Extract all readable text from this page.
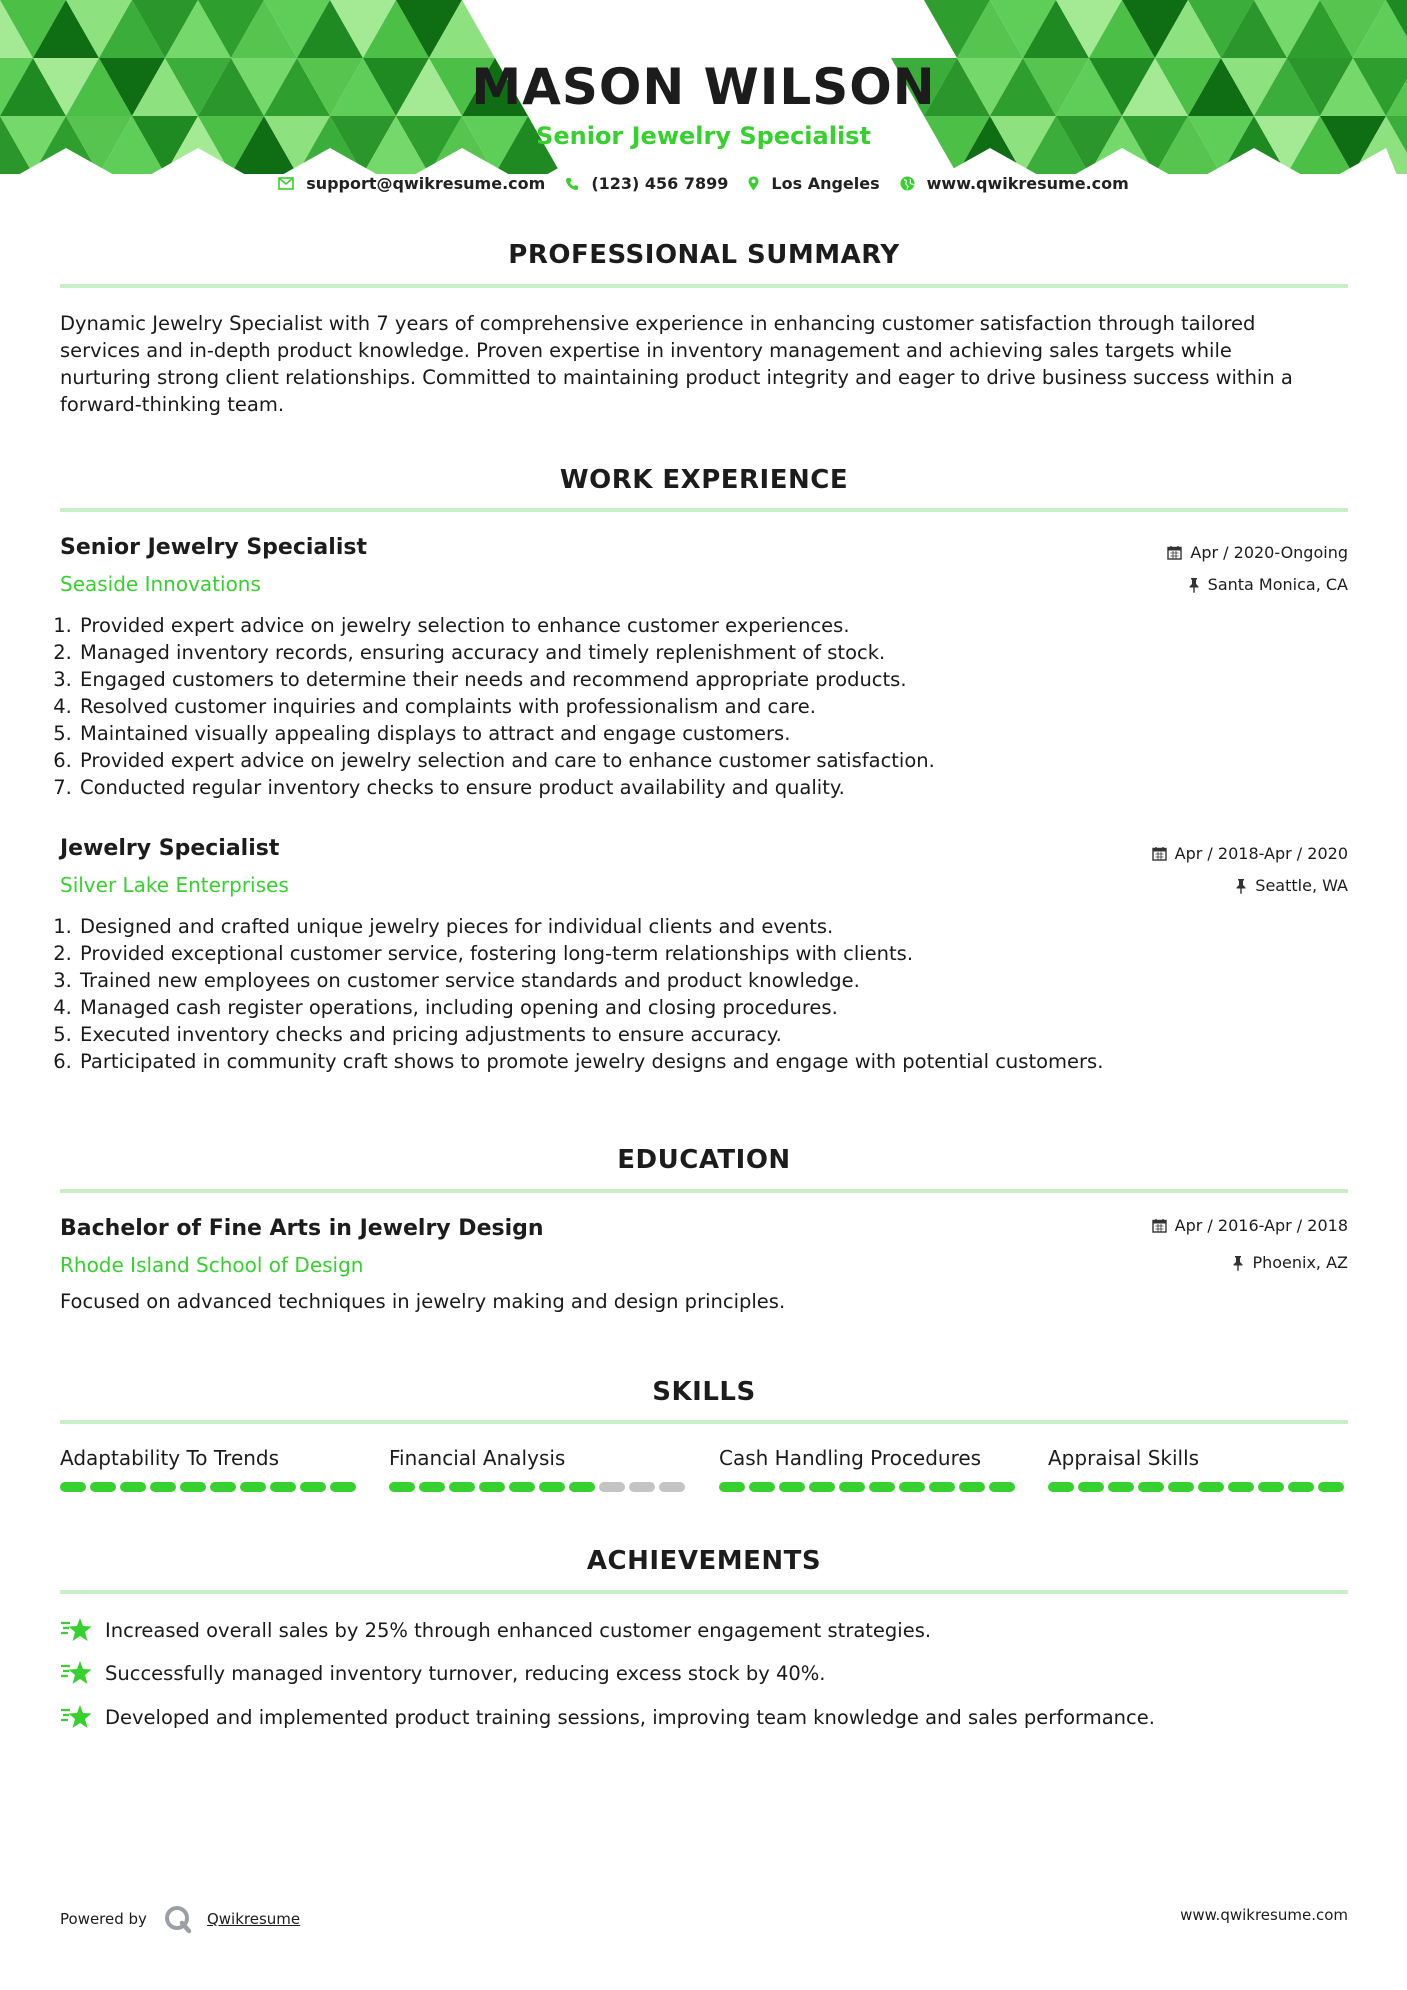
MASON WILSON
Senior Jewelry Specialist
support@qwikresume.com	(123) 456 7899	Los Angeles	www.qwikresume.com
PROFESSIONAL SUMMARY
Dynamic Jewelry Specialist with 7 years of comprehensive experience in enhancing customer satisfaction through tailored
services and in-depth product knowledge. Proven expertise in inventory management and achieving sales targets while
nurturing strong client relationships. Committed to maintaining product integrity and eager to drive business success within a
forward-thinking team.
WORK EXPERIENCE
Senior Jewelry Specialist
Seaside Innovations
Apr / 2020-Ongoing
Santa Monica, CA
1. Provided expert advice on jewelry selection to enhance customer experiences.
2. Managed inventory records, ensuring accuracy and timely replenishment of stock.
3. Engaged customers to determine their needs and recommend appropriate products.
4. Resolved customer inquiries and complaints with professionalism and care.
5. Maintained visually appealing displays to attract and engage customers.
6. Provided expert advice on jewelry selection and care to enhance customer satisfaction.
7. Conducted regular inventory checks to ensure product availability and quality.
Jewelry Specialist
Silver Lake Enterprises
Apr / 2018-Apr / 2020
Seattle, WA
1. Designed and crafted unique jewelry pieces for individual clients and events.
2. Provided exceptional customer service, fostering long-term relationships with clients.
3. Trained new employees on customer service standards and product knowledge.
4. Managed cash register operations, including opening and closing procedures.
5. Executed inventory checks and pricing adjustments to ensure accuracy.
6. Participated in community craft shows to promote jewelry designs and engage with potential customers.
EDUCATION
Bachelor of Fine Arts in Jewelry Design
Rhode Island School of Design
Apr / 2016-Apr / 2018
Phoenix, AZ
Focused on advanced techniques in jewelry making and design principles.
SKILLS
Adaptability To Trends	Financial Analysis	Cash Handling Procedures	Appraisal Skills
ACHIEVEMENTS
Increased overall sales by 25% through enhanced customer engagement strategies.
Successfully managed inventory turnover, reducing excess stock by 40%.
Developed and implemented product training sessions, improving team knowledge and sales performance.
Powered by	Qwikresume	www.qwikresume.com
